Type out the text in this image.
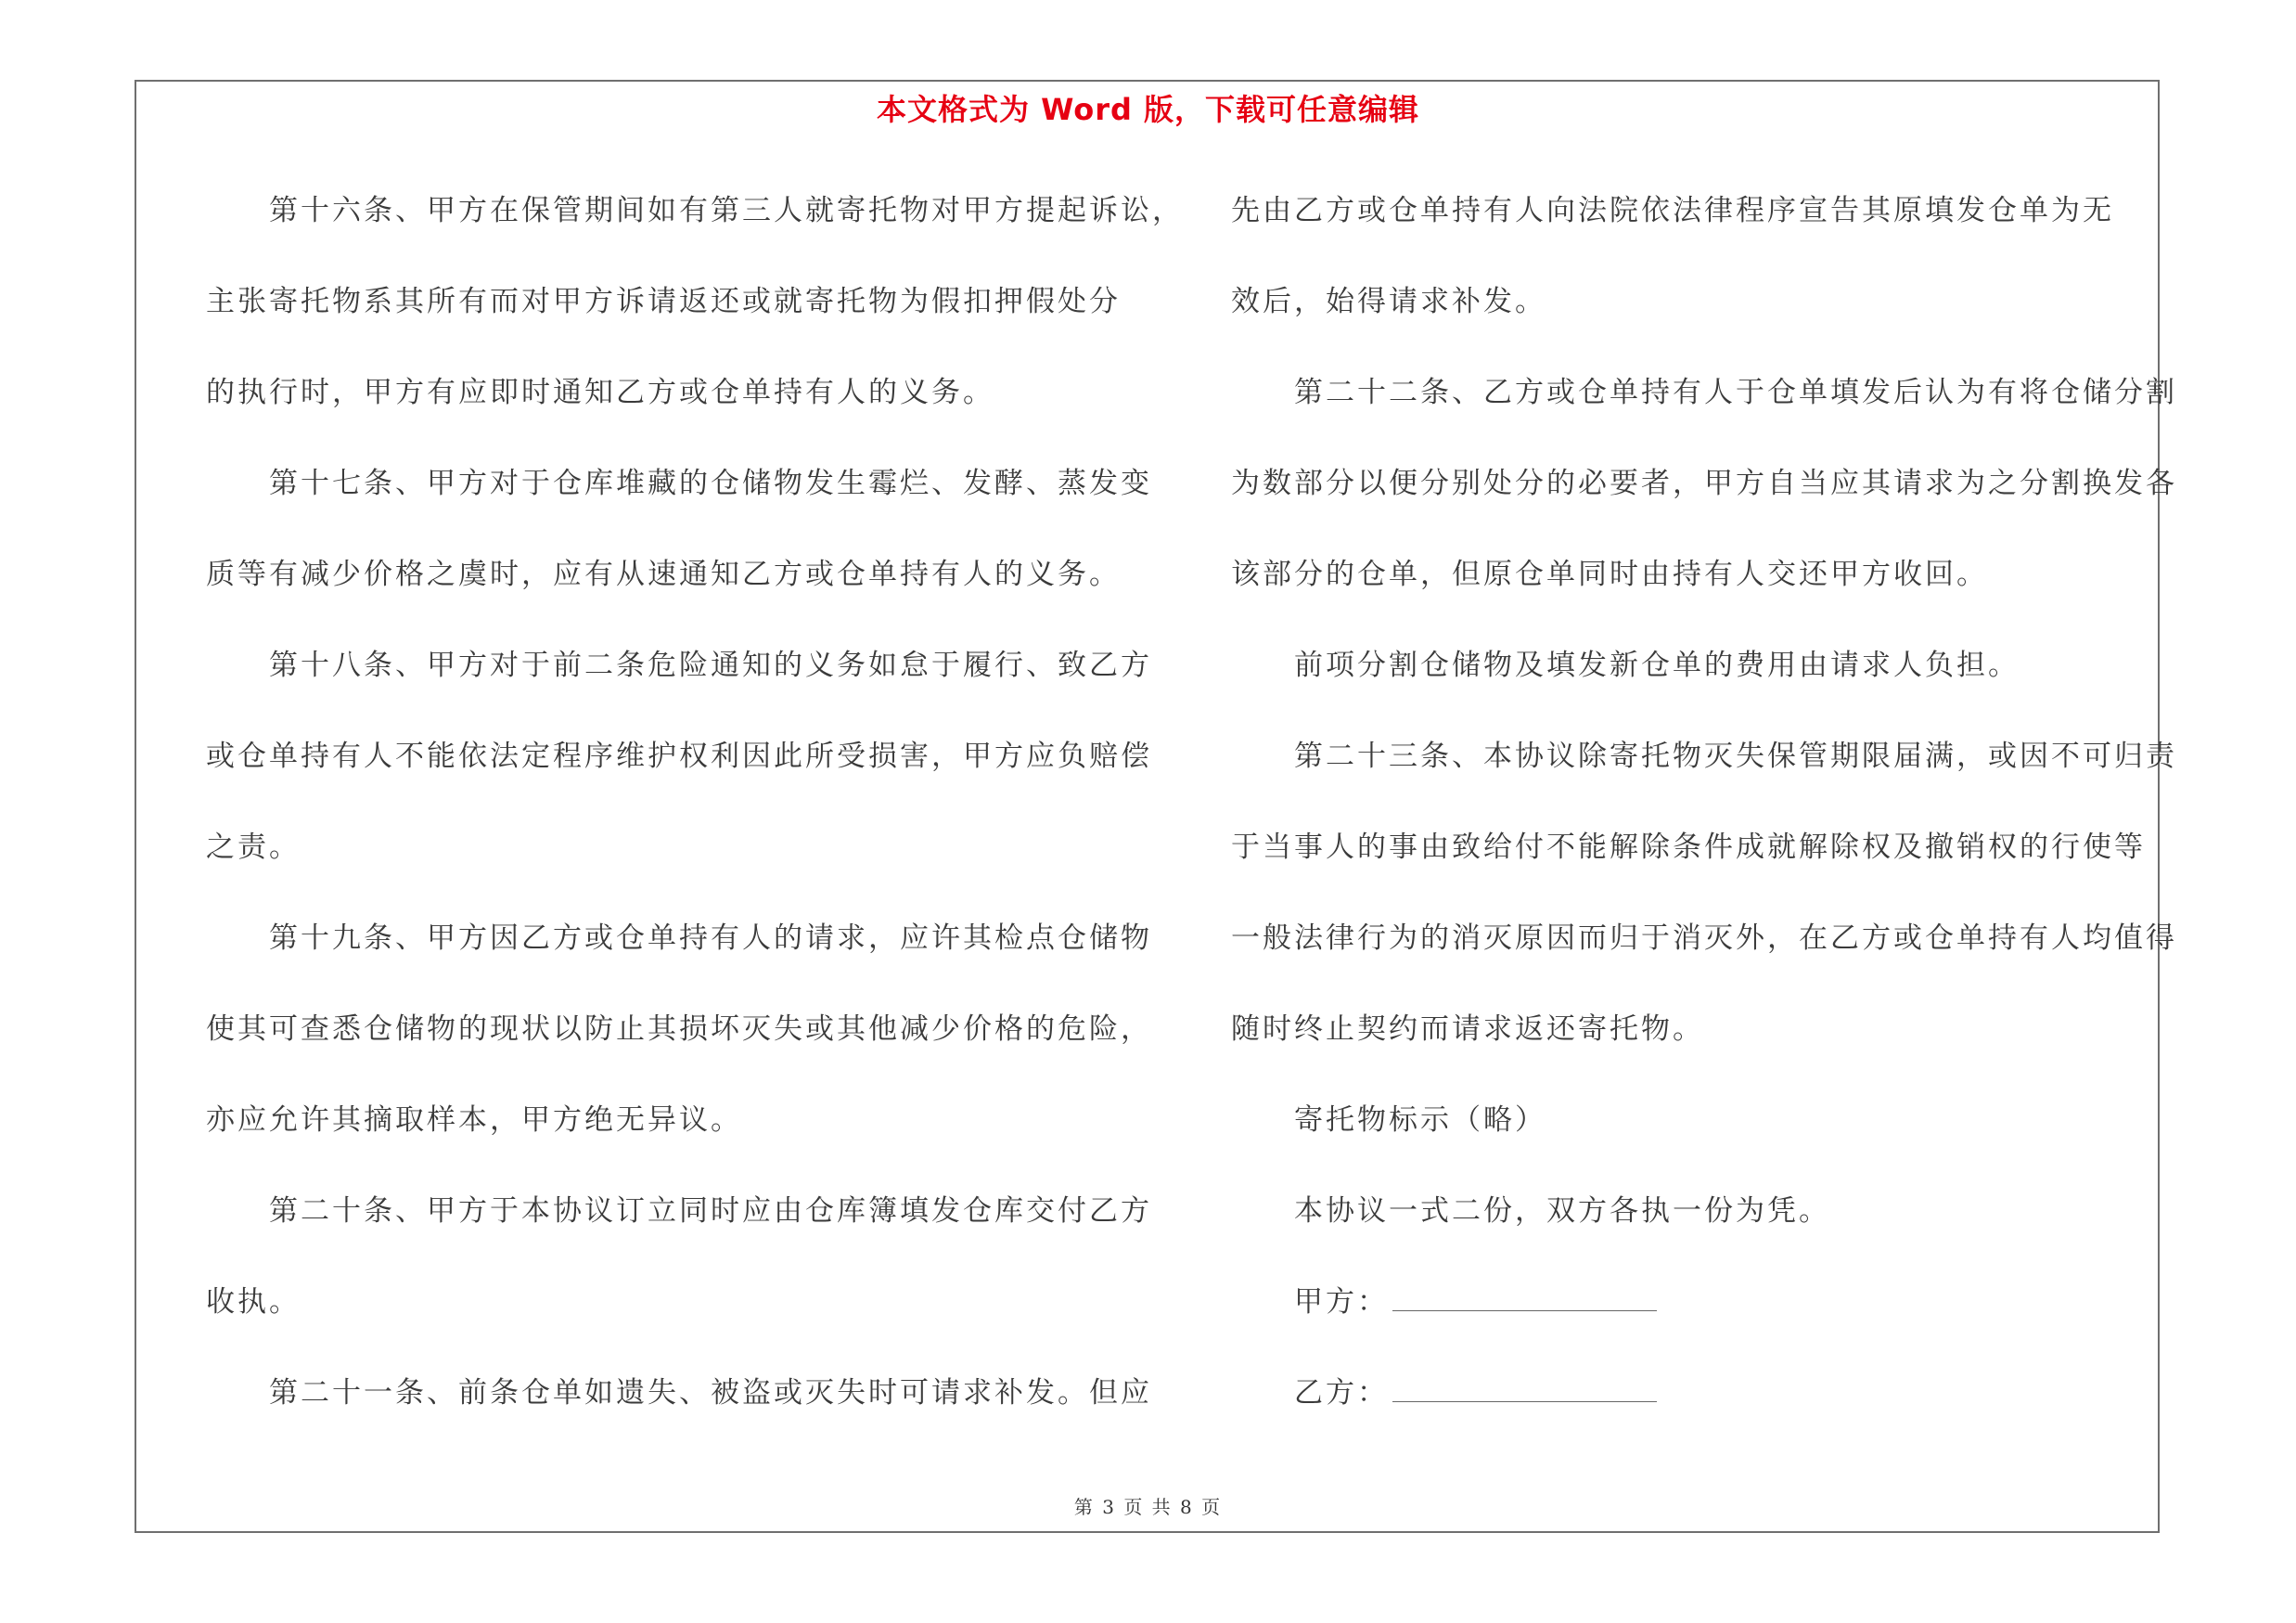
本文格式为 Word 版，下载可任意编辑
第十六条、甲方在保管期间如有第三人就寄托物对甲方提起诉讼，
主张寄托物系其所有而对甲方诉请返还或就寄托物为假扣押假处分
的执行时，甲方有应即时通知乙方或仓单持有人的义务。
第十七条、甲方对于仓库堆藏的仓储物发生霉烂、发酵、蒸发变
质等有减少价格之虞时，应有从速通知乙方或仓单持有人的义务。
第十八条、甲方对于前二条危险通知的义务如怠于履行、致乙方
或仓单持有人不能依法定程序维护权利因此所受损害，甲方应负赔偿
之责。
第十九条、甲方因乙方或仓单持有人的请求，应许其检点仓储物
使其可查悉仓储物的现状以防止其损坏灭失或其他减少价格的危险，
亦应允许其摘取样本，甲方绝无异议。
第二十条、甲方于本协议订立同时应由仓库簿填发仓库交付乙方
收执。
第二十一条、前条仓单如遗失、被盗或灭失时可请求补发。但应
先由乙方或仓单持有人向法院依法律程序宣告其原填发仓单为无
效后，始得请求补发。
第二十二条、乙方或仓单持有人于仓单填发后认为有将仓储分割
为数部分以便分别处分的必要者，甲方自当应其请求为之分割换发各
该部分的仓单，但原仓单同时由持有人交还甲方收回。
前项分割仓储物及填发新仓单的费用由请求人负担。
第二十三条、本协议除寄托物灭失保管期限届满，或因不可归责
于当事人的事由致给付不能解除条件成就解除权及撤销权的行使等
一般法律行为的消灭原因而归于消灭外，在乙方或仓单持有人均值得
随时终止契约而请求返还寄托物。
寄托物标示（略）
本协议一式二份，双方各执一份为凭。
甲方：
乙方：
第 3 页 共 8 页
